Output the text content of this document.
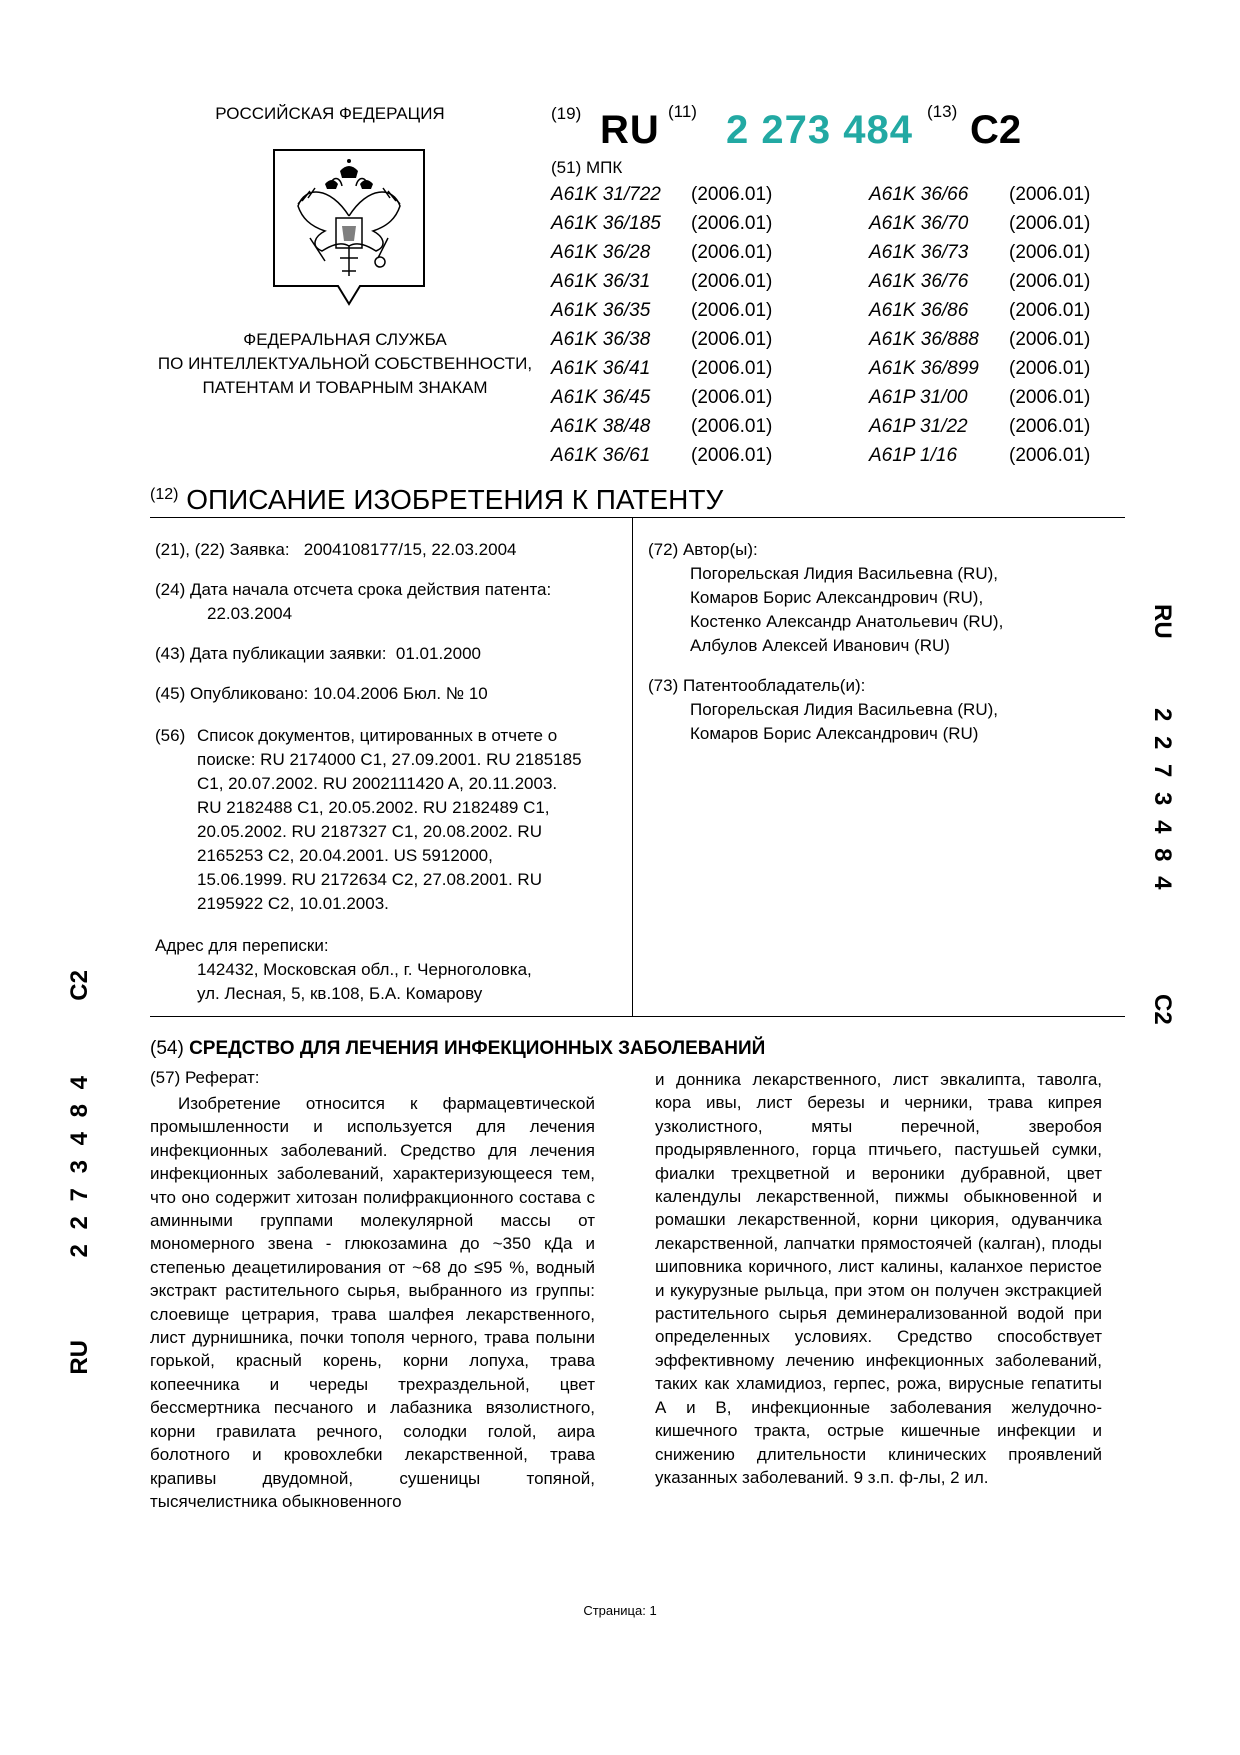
РОССИЙСКАЯ ФЕДЕРАЦИЯ
ФЕДЕРАЛЬНАЯ СЛУЖБА
ПО ИНТЕЛЛЕКТУАЛЬНОЙ СОБСТВЕННОСТИ,
ПАТЕНТАМ И ТОВАРНЫМ ЗНАКАМ
(19) RU (11) 2 273 484 (13) C2
(51) МПК
A61K 31/722 (2006.01)
A61K 36/185 (2006.01)
A61K 36/28 (2006.01)
A61K 36/31 (2006.01)
A61K 36/35 (2006.01)
A61K 36/38 (2006.01)
A61K 36/41 (2006.01)
A61K 36/45 (2006.01)
A61K 38/48 (2006.01)
A61K 36/61 (2006.01)
A61K 36/66 (2006.01)
A61K 36/70 (2006.01)
A61K 36/73 (2006.01)
A61K 36/76 (2006.01)
A61K 36/86 (2006.01)
A61K 36/888 (2006.01)
A61K 36/899 (2006.01)
A61P 31/00 (2006.01)
A61P 31/22 (2006.01)
A61P 1/16	(2006.01)
$^{(12)}$ ОПИСАНИЕ ИЗОБРЕТЕНИЯ К ПАТЕНТУ
(21), (22) Заявка: 2004108177/15, 22.03.2004
(24) Дата начала отсчета срока действия патента:
22.03.2004
(43) Дата публикации заявки: 01.01.2000
(45) Опубликовано: 10.04.2006 Бюл. № 10
(56) Список документов, цитированных в отчете о
поиске: RU 2174000 C1, 27.09.2001. RU 2185185
C1, 20.07.2002. RU 2002111420 A, 20.11.2003.
RU 2182488 C1, 20.05.2002. RU 2182489 C1,
20.05.2002. RU 2187327 C1, 20.08.2002. RU
2165253 C2, 20.04.2001. US 5912000,
15.06.1999. RU 2172634 C2, 27.08.2001. RU
2195922 C2, 10.01.2003.
Адрес для переписки:
142432, Московская обл., г. Черноголовка,
ул. Лесная, 5, кв.108, Б.А. Комарову
(72) Автор(ы):
Погорельская Лидия Васильевна (RU),
Комаров Борис Александрович (RU),
Костенко Александр Анатольевич (RU),
Албулов Алексей Иванович (RU)
(73) Патентообладатель(и):
Погорельская Лидия Васильевна (RU),
Комаров Борис Александрович (RU)
RU
2 2 7 3 4 8 4
C2
RU
2 2 7 3 4 8 4
C2
(54) СРЕДСТВО ДЛЯ ЛЕЧЕНИЯ ИНФЕКЦИОННЫХ ЗАБОЛЕВАНИЙ
(57) Реферат:

Изобретение относится к фармацевтической промышленности и используется для лечения инфекционных заболеваний. Средство для лечения инфекционных заболеваний, характеризующееся тем, что оно содержит хитозан полифракционного состава с аминными группами молекулярной массы от мономерного звена - глюкозамина до ~350 кДа и степенью деацетилирования от ~68 до ≤95 %, водный экстракт растительного сырья, выбранного из группы: слоевище цетрария, трава шалфея лекарственного, лист дурнишника, почки тополя черного, трава полыни горькой, красный корень, корни лопуха, трава копеечника и череды трехраздельной, цвет бессмертника песчаного и лабазника вязолистного, корни гравилата речного, солодки голой, аира болотного и кровохлебки лекарственной, трава крапивы двудомной, сушеницы топяной, тысячелистника обыкновенного

и донника лекарственного, лист эвкалипта, таволга, кора ивы, лист березы и черники, трава кипрея узколистного, мяты перечной, зверобоя продырявленного, горца птичьего, пастушьей сумки, фиалки трехцветной и вероники дубравной, цвет календулы лекарственной, пижмы обыкновенной и ромашки лекарственной, корни цикория, одуванчика лекарственной, лапчатки прямостоячей (калган), плоды шиповника коричного, лист калины, каланхое перистое и кукурузные рыльца, при этом он получен экстракцией растительного сырья деминерализованной водой при определенных условиях. Средство способствует эффективному лечению инфекционных заболеваний, таких как хламидиоз, герпес, рожа, вирусные гепатиты А и В, инфекционные заболевания желудочно-кишечного тракта, острые кишечные инфекции и снижению длительности клинических проявлений указанных заболеваний. 9 з.п. ф-лы, 2 ил.

Страница: 1
